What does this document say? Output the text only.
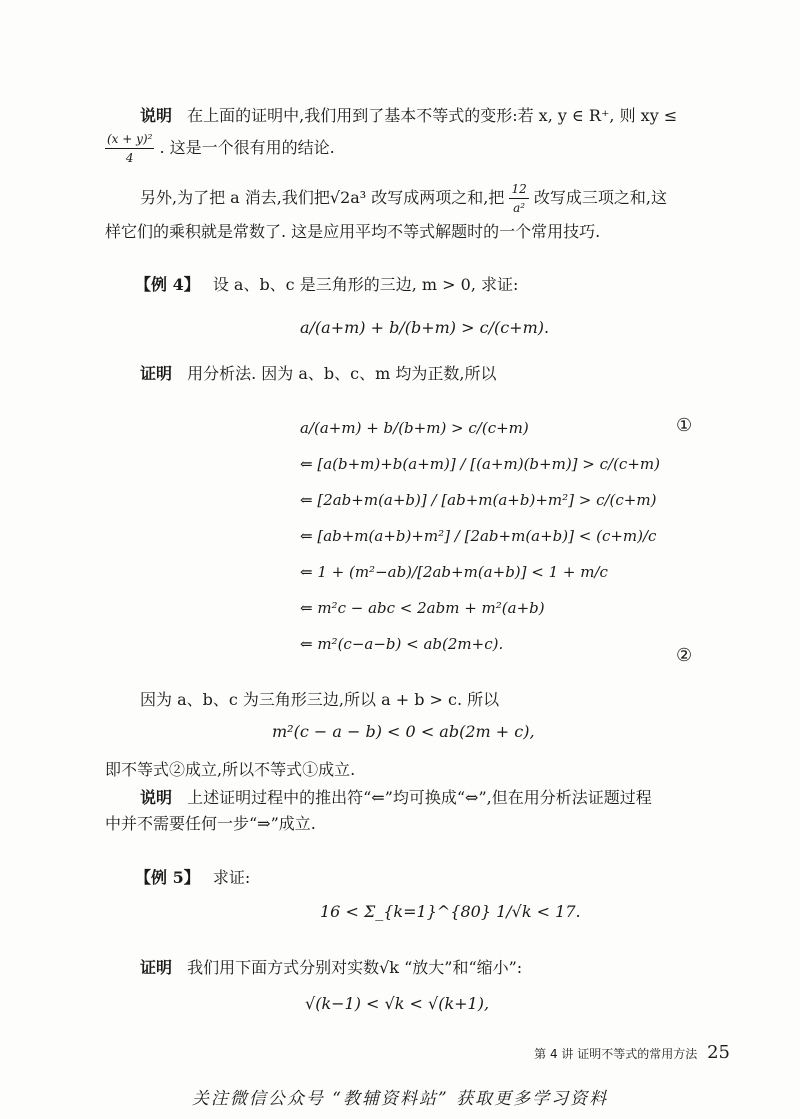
说明 在上面的证明中,我们用到了基本不等式的变形:若 x, y ∈ R⁺, 则 xy ≤
$\frac{\text{(x + y)²}}{4}$ . 这是一个很有用的结论.
另外,为了把 a 消去,我们把√2a³ 改写成两项之和,把 $\frac{12}{\text{a²}}$ 改写成三项之和,这
样它们的乘积就是常数了. 这是应用平均不等式解题时的一个常用技巧.
【例 4】 设 a、b、c 是三角形的三边, m > 0, 求证:
a/(a+m) + b/(b+m) > c/(c+m).
证明 用分析法. 因为 a、b、c、m 均为正数,所以
a/(a+m) + b/(b+m) > c/(c+m)
⇐ [a(b+m)+b(a+m)] / [(a+m)(b+m)] > c/(c+m)
⇐ [2ab+m(a+b)] / [ab+m(a+b)+m²] > c/(c+m)
⇐ [ab+m(a+b)+m²] / [2ab+m(a+b)] < (c+m)/c
⇐ 1 + (m²−ab)/[2ab+m(a+b)] < 1 + m/c
⇐ m²c − abc < 2abm + m²(a+b)
⇐ m²(c−a−b) < ab(2m+c).
①
②
因为 a、b、c 为三角形三边,所以 a + b > c. 所以
m²(c − a − b) < 0 < ab(2m + c),
即不等式②成立,所以不等式①成立.
说明 上述证明过程中的推出符“⇐”均可换成“⇔”,但在用分析法证题过程
中并不需要任何一步“⇒”成立.
【例 5】 求证:
16 < Σ_{k=1}^{80} 1/√k < 17.
证明 我们用下面方式分别对实数√k “放大”和“缩小”:
√(k−1) < √k < √(k+1),
第 4 讲 证明不等式的常用方法 25
关注微信公众号 “教辅资料站” 获取更多学习资料
